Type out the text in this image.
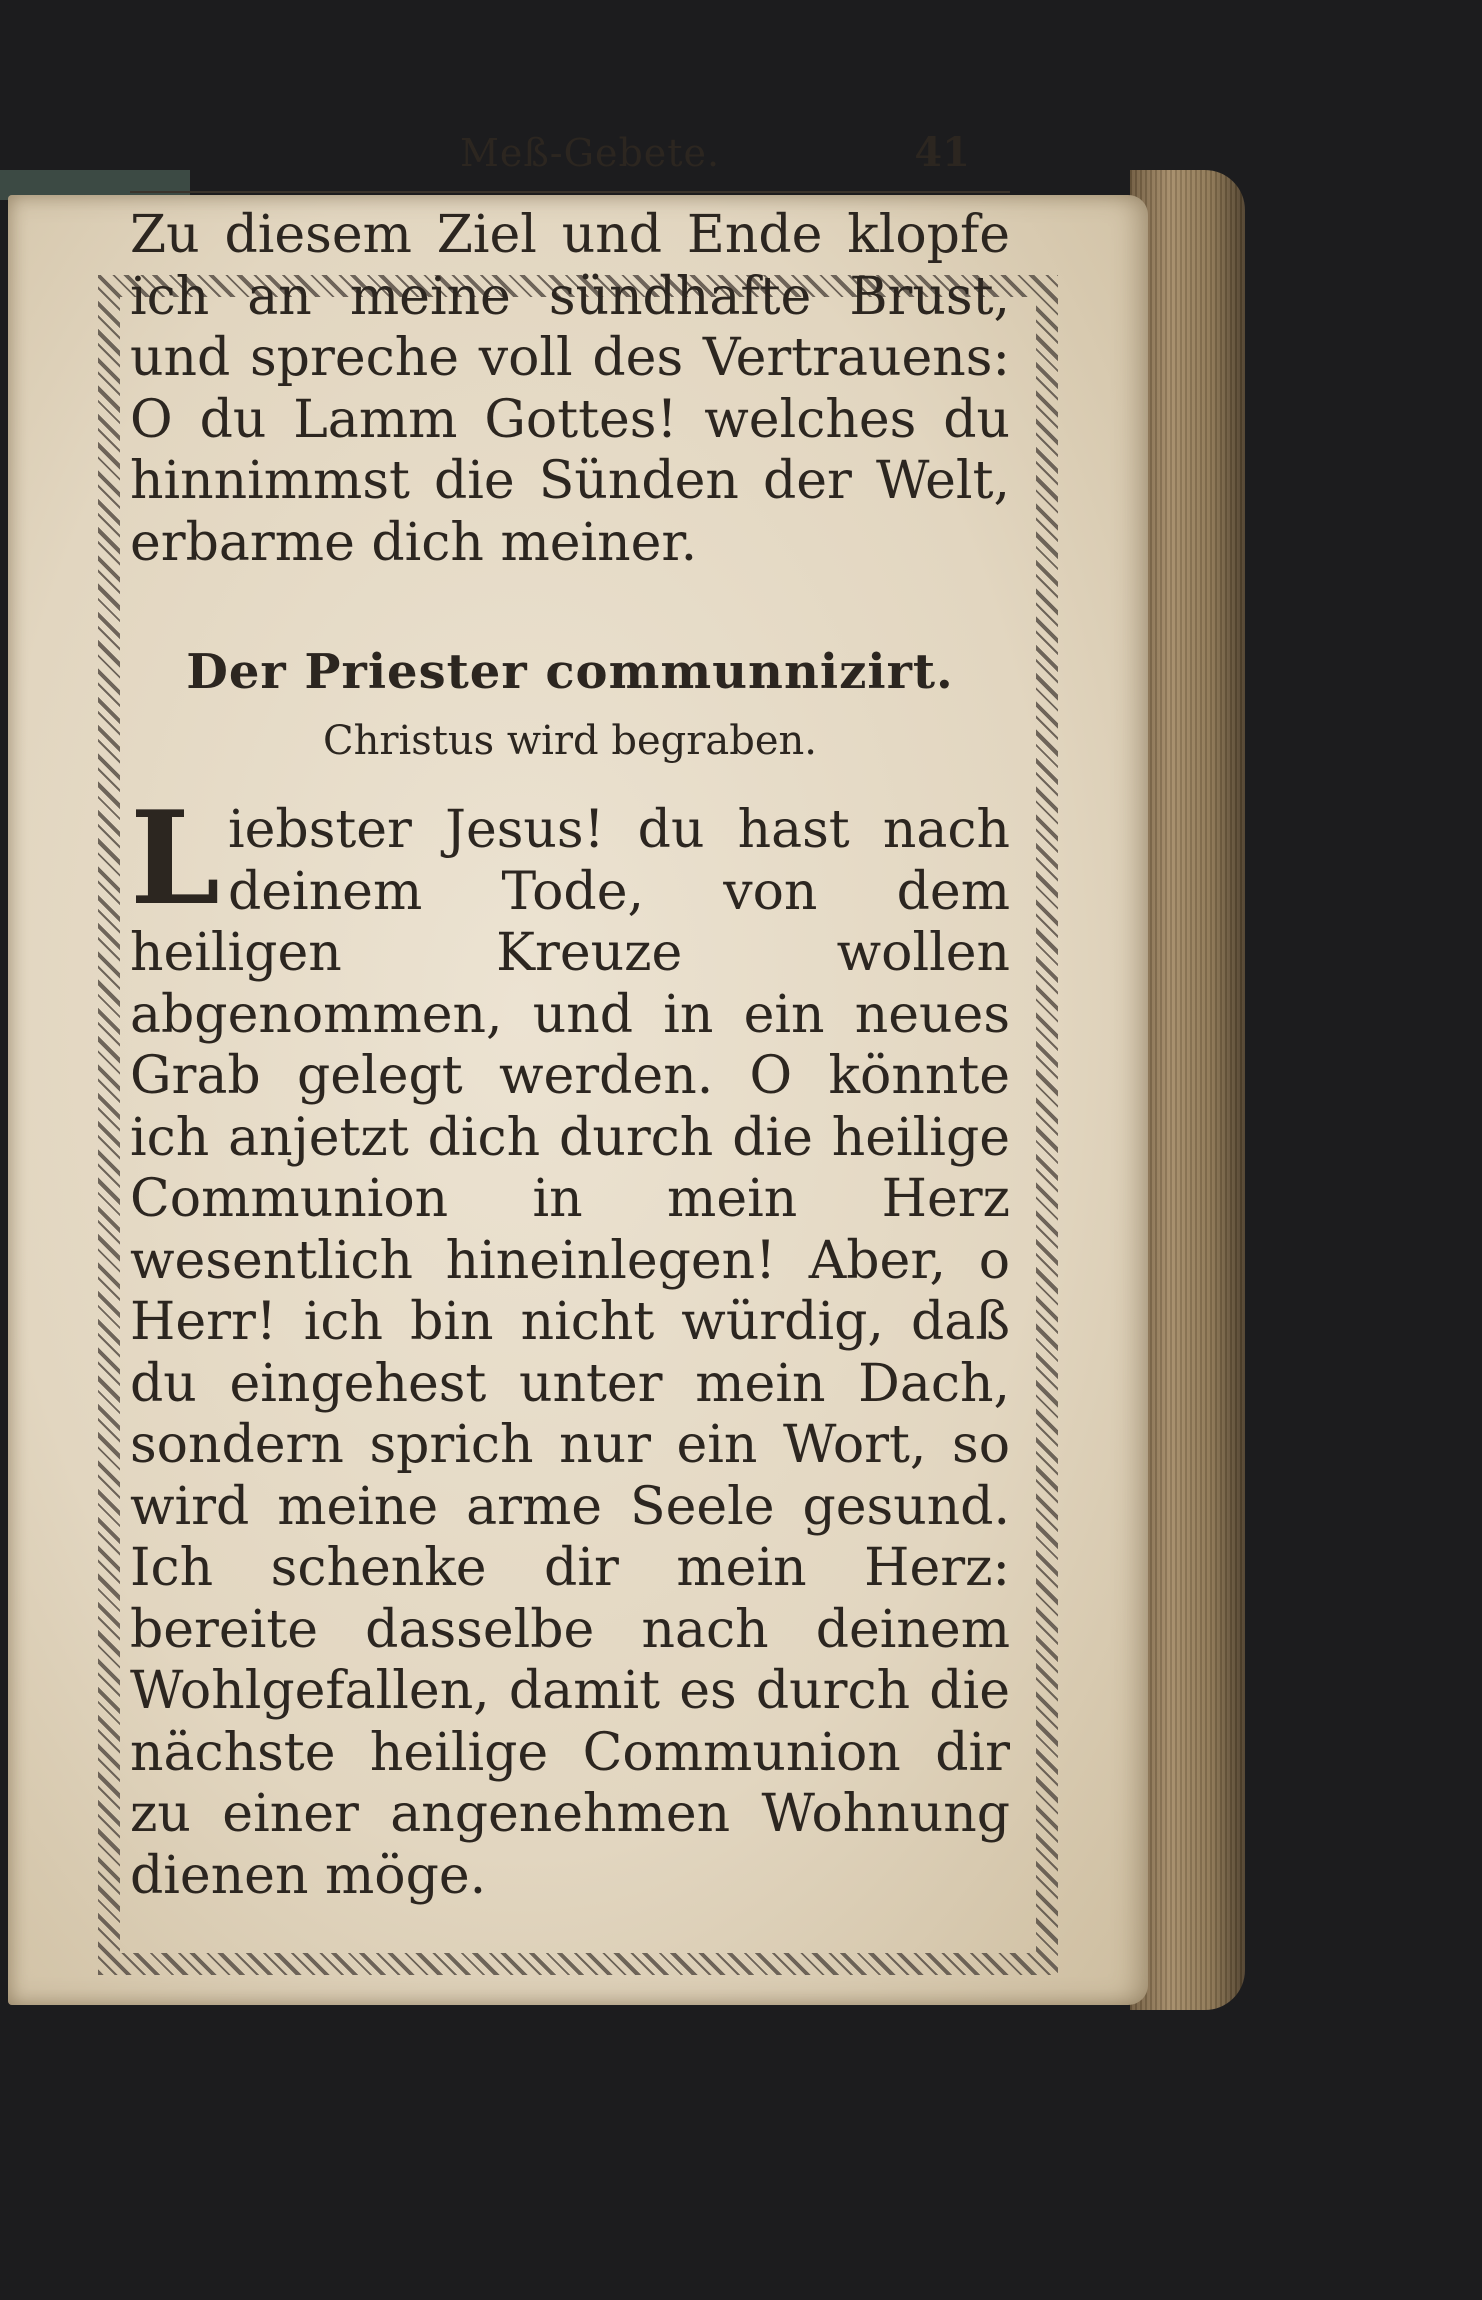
Meß-Gebete.	41

Zu diesem Ziel und Ende klopfe ich an meine sündhafte Brust, und spreche voll des Vertrauens: O du Lamm Gottes! welches du hinnimmst die Sünden der Welt, erbarme dich meiner.

Der Priester communnizirt.
Christus wird begraben.

L iebster Jesus! du hast nach deinem Tode, von dem heiligen Kreuze wollen abgenommen, und in ein neues Grab gelegt werden. O könnte ich anjetzt dich durch die heilige Communion in mein Herz wesentlich hineinlegen! Aber, o Herr! ich bin nicht würdig, daß du eingehest unter mein Dach, sondern sprich nur ein Wort, so wird meine arme Seele gesund. Ich schenke dir mein Herz: bereite dasselbe nach deinem Wohlgefallen, damit es durch die nächste heilige Communion dir zu einer angenehmen Wohnung dienen möge.
